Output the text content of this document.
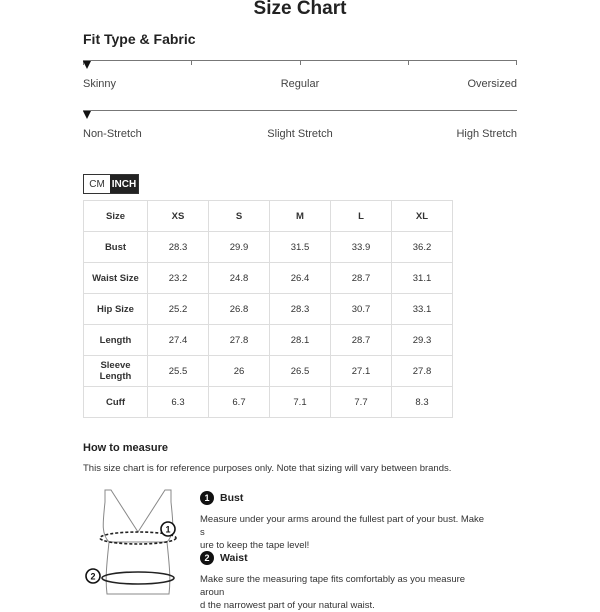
Size Chart
Fit Type & Fabric
Skinny	Regular	Oversized
Non-Stretch	Slight Stretch	High Stretch
CM INCH
Size	XS	S	M	L	XL
Bust	28.3	29.9	31.5	33.9	36.2
Waist Size	23.2	24.8	26.4	28.7	31.1
Hip Size	25.2	26.8	28.3	30.7	33.1
Length	27.4	27.8	28.1	28.7	29.3
Sleeve Length	25.5	26	26.5	27.1	27.8
Cuff	6.3	6.7	7.1	7.7	8.3
How to measure
This size chart is for reference purposes only. Note that sizing will vary between brands.
1
2
1 Bust
Measure under your arms around the fullest part of your bust. Make s
ure to keep the tape level!
2 Waist
Make sure the measuring tape fits comfortably as you measure aroun
d the narrowest part of your natural waist.
